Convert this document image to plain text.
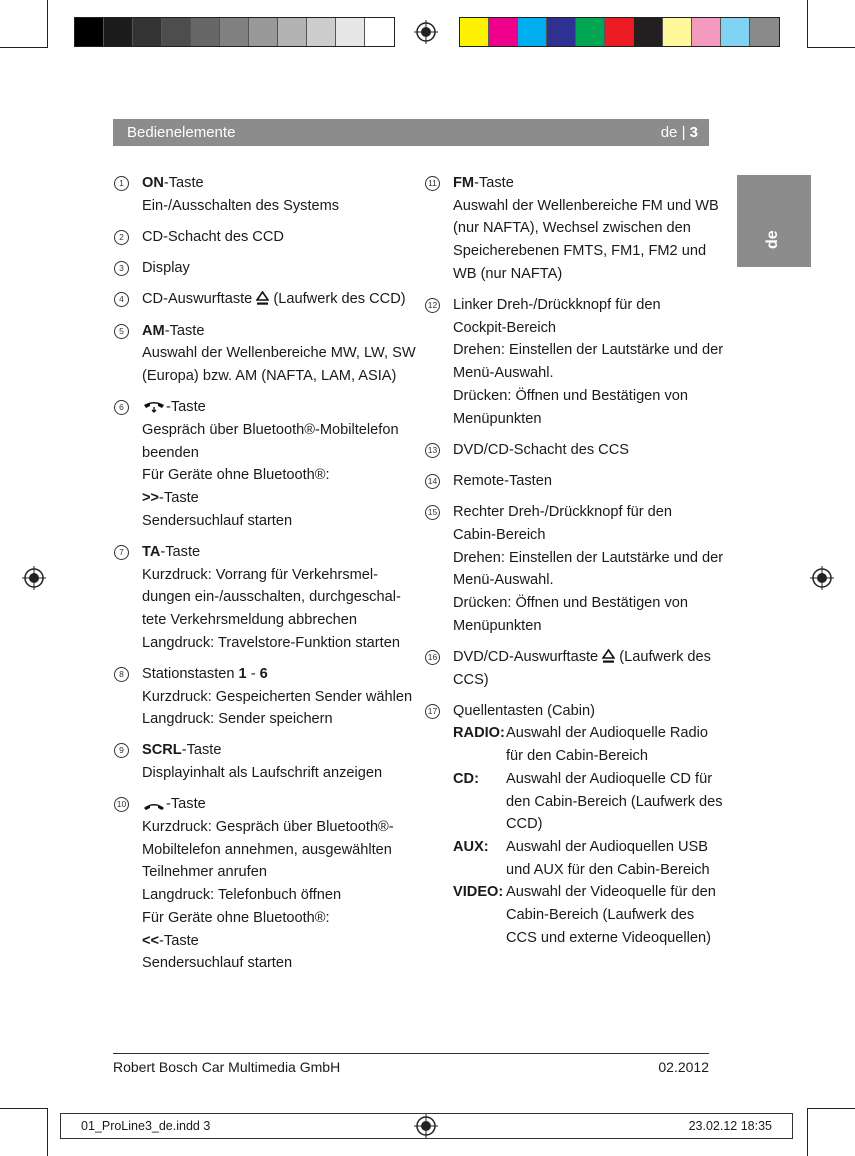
Bedienelemente	de | 3
de
1	ON-Taste
Ein-/Ausschalten des Systems
2	CD-Schacht des CCD
3	Display
4	CD-Auswurftaste  (Laufwerk des CCD)
5	AM-Taste
Auswahl der Wellenbereiche MW, LW, SW
(Europa) bzw. AM (NAFTA, LAM, ASIA)
6	-Taste
Gespräch über Bluetooth®-Mobiltelefon
beenden
Für Geräte ohne Bluetooth®:
>>-Taste
Sendersuchlauf starten
7	TA-Taste
Kurzdruck: Vorrang für Verkehrsmel-
dungen ein-/ausschalten, durchgeschal-
tete Verkehrsmeldung abbrechen
Langdruck: Travelstore-Funktion starten
8	Stationstasten 1 - 6
Kurzdruck: Gespeicherten Sender wählen
Langdruck: Sender speichern
9	SCRL-Taste
Displayinhalt als Laufschrift anzeigen
10	-Taste
Kurzdruck: Gespräch über Bluetooth®-
Mobiltelefon annehmen, ausgewählten
Teilnehmer anrufen
Langdruck: Telefonbuch öffnen
Für Geräte ohne Bluetooth®:
<<-Taste
Sendersuchlauf starten
11 FM-Taste
Auswahl der Wellenbereiche FM und WB
(nur NAFTA), Wechsel zwischen den
Speicherebenen FMTS, FM1, FM2 und
WB (nur NAFTA)
12 Linker Dreh-/Drückknopf für den
Cockpit-Bereich
Drehen: Einstellen der Lautstärke und der
Menü-Auswahl.
Drücken: Öffnen und Bestätigen von
Menüpunkten
13 DVD/CD-Schacht des CCS
14 Remote-Tasten
15 Rechter Dreh-/Drückknopf für den
Cabin-Bereich
Drehen: Einstellen der Lautstärke und der
Menü-Auswahl.
Drücken: Öffnen und Bestätigen von
Menüpunkten
16 DVD/CD-Auswurftaste  (Laufwerk des
CCS)
17 Quellentasten (Cabin)
RADIO: Auswahl der Audioquelle Radio
für den Cabin-Bereich
CD:	Auswahl der Audioquelle CD für
den Cabin-Bereich (Laufwerk des
CCD)
AUX:	Auswahl der Audioquellen USB
und AUX für den Cabin-Bereich
VIDEO: Auswahl der Videoquelle für den
Cabin-Bereich (Laufwerk des
CCS und externe Videoquellen)
Robert Bosch Car Multimedia GmbH	02.2012
01_ProLine3_de.indd 3	23.02.12 18:35
